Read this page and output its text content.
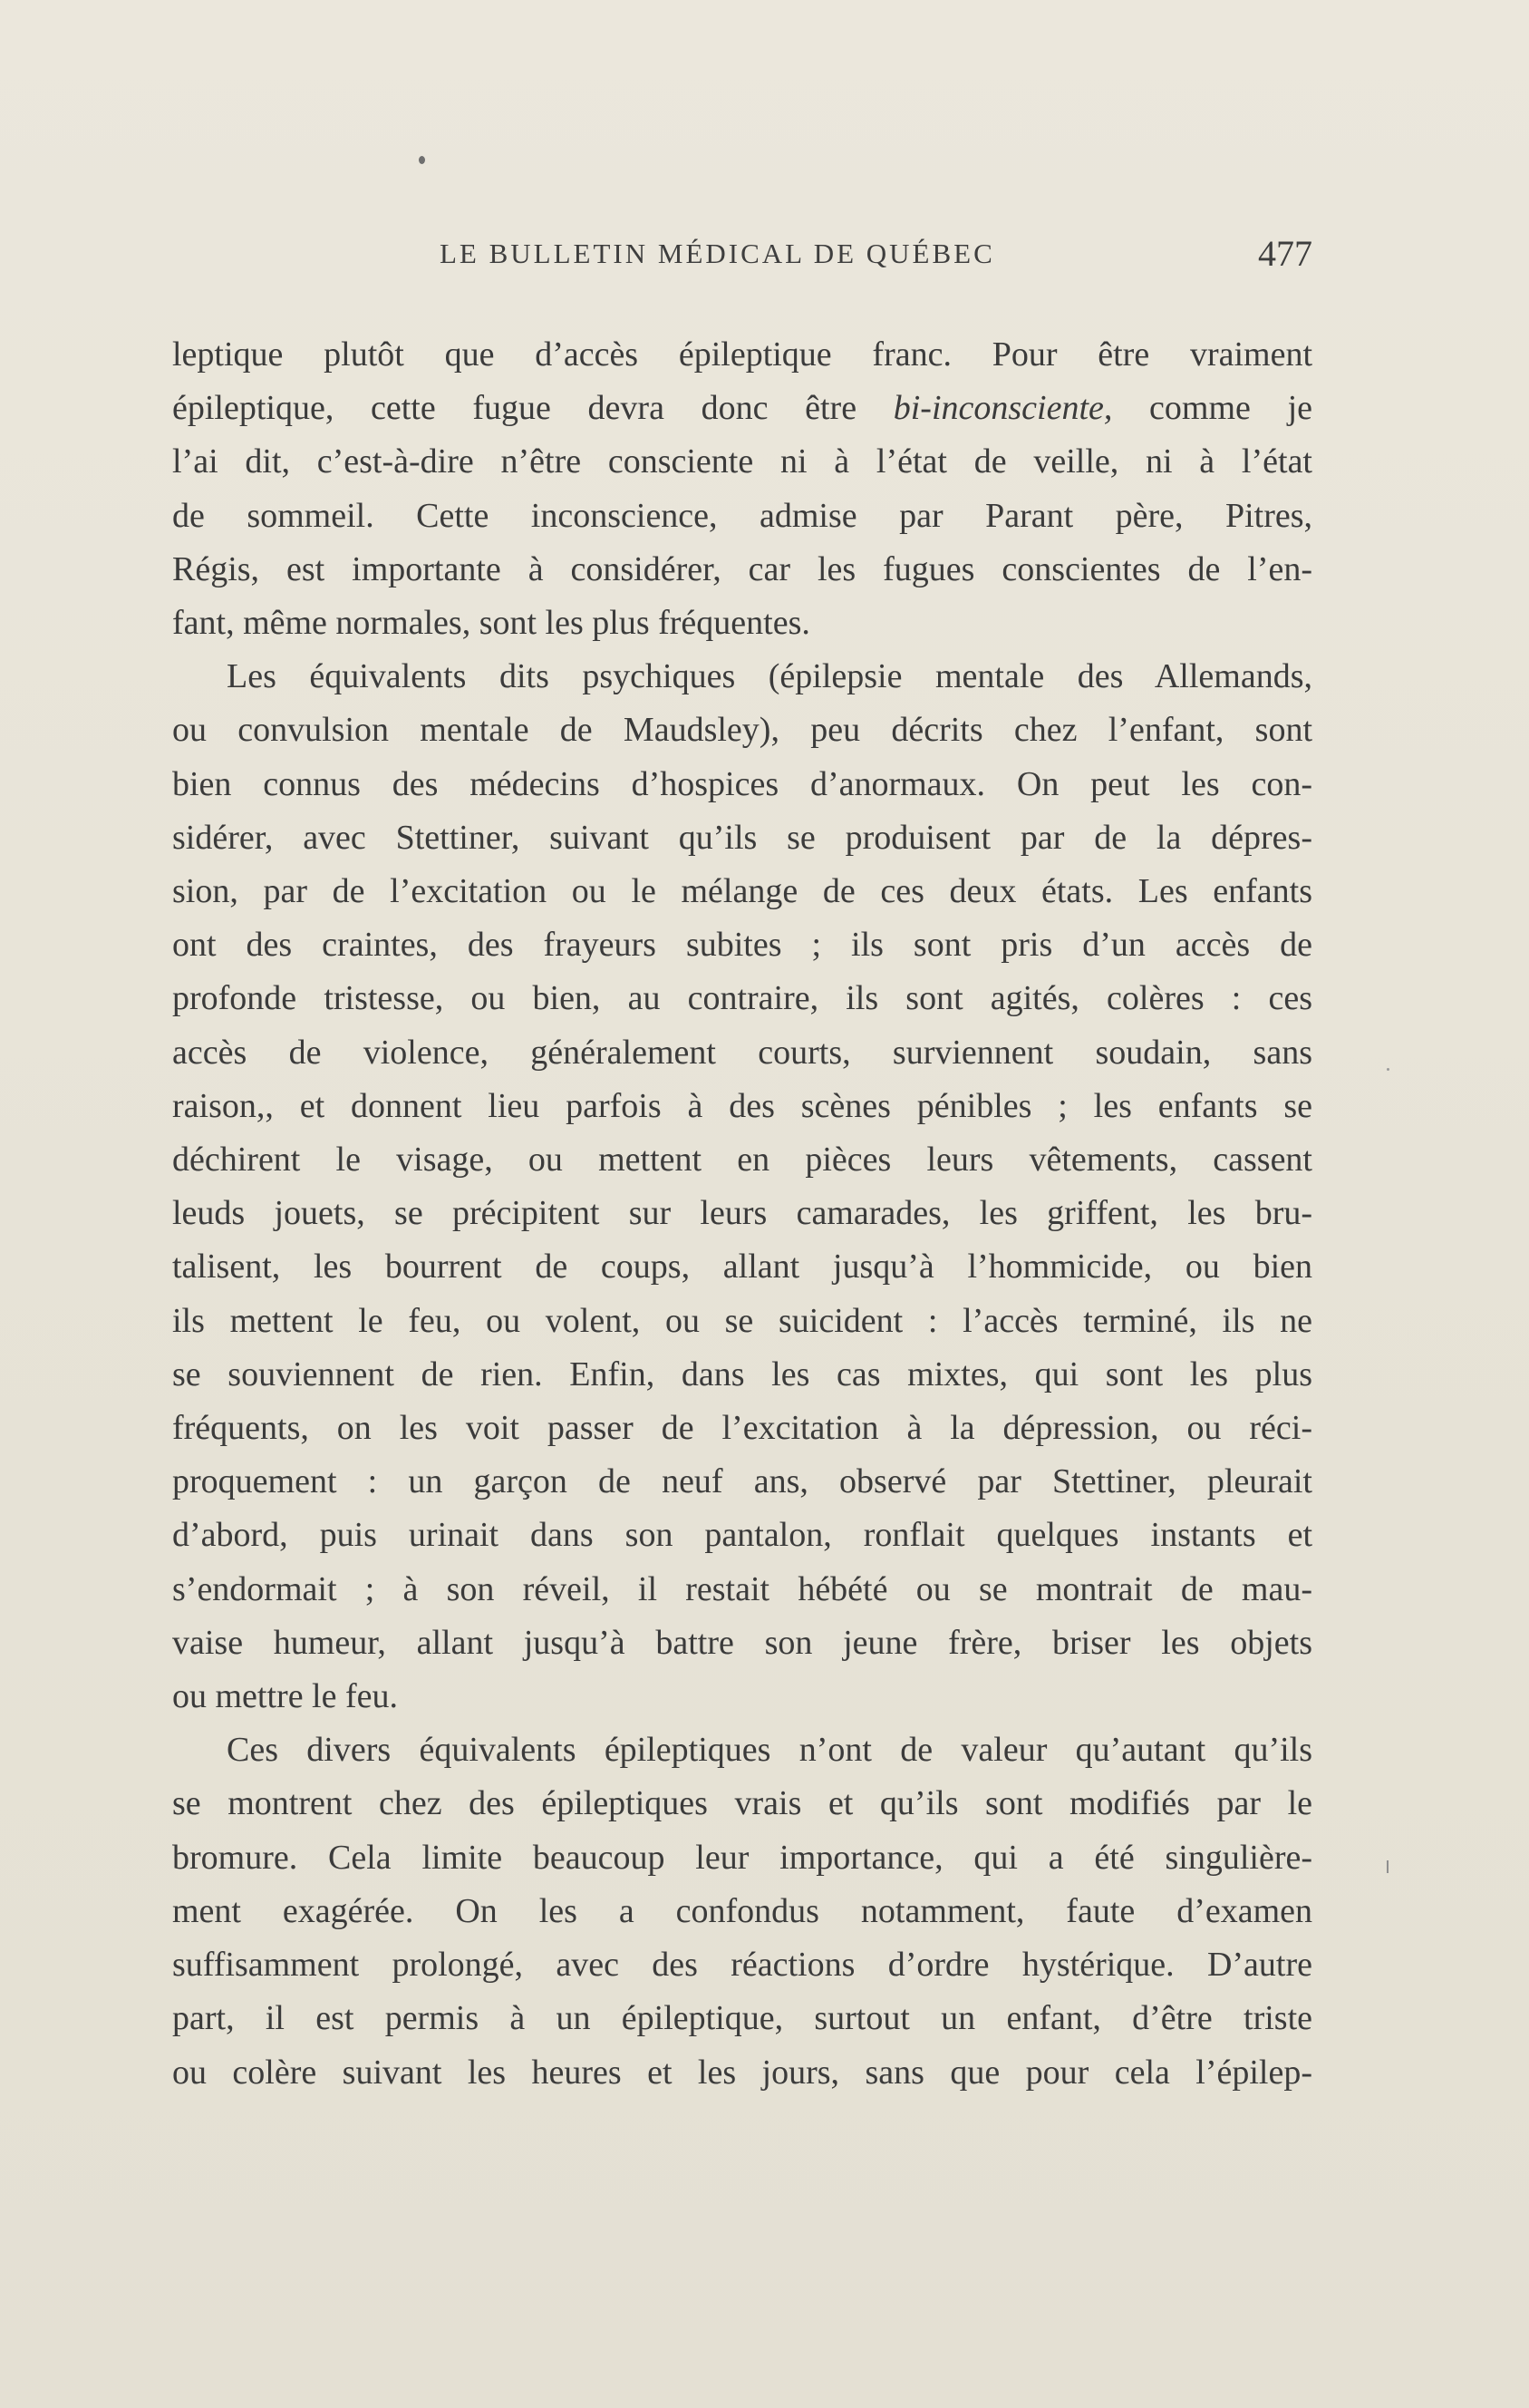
LE BULLETIN MÉDICAL DE QUÉBEC	477

leptique plutôt que d’accès épileptique franc. Pour être vraiment
épileptique, cette fugue devra donc être bi-inconsciente, comme je
l’ai dit, c’est-à-dire n’être consciente ni à l’état de veille, ni à l’état
de sommeil. Cette inconscience, admise par Parant père, Pitres,
Régis, est importante à considérer, car les fugues conscientes de l’en-
fant, même normales, sont les plus fréquentes.

Les équivalents dits psychiques (épilepsie mentale des Allemands,
ou convulsion mentale de Maudsley), peu décrits chez l’enfant, sont
bien connus des médecins d’hospices d’anormaux. On peut les con-
sidérer, avec Stettiner, suivant qu’ils se produisent par de la dépres-
sion, par de l’excitation ou le mélange de ces deux états. Les enfants
ont des craintes, des frayeurs subites ; ils sont pris d’un accès de
profonde tristesse, ou bien, au contraire, ils sont agités, colères : ces
accès de violence, généralement courts, surviennent soudain, sans
raison,, et donnent lieu parfois à des scènes pénibles ; les enfants se
déchirent le visage, ou mettent en pièces leurs vêtements, cassent
leuds jouets, se précipitent sur leurs camarades, les griffent, les bru-
talisent, les bourrent de coups, allant jusqu’à l’hommicide, ou bien
ils mettent le feu, ou volent, ou se suicident : l’accès terminé, ils ne
se souviennent de rien. Enfin, dans les cas mixtes, qui sont les plus
fréquents, on les voit passer de l’excitation à la dépression, ou réci-
proquement : un garçon de neuf ans, observé par Stettiner, pleurait
d’abord, puis urinait dans son pantalon, ronflait quelques instants et
s’endormait ; à son réveil, il restait hébété ou se montrait de mau-
vaise humeur, allant jusqu’à battre son jeune frère, briser les objets
ou mettre le feu.

Ces divers équivalents épileptiques n’ont de valeur qu’autant qu’ils
se montrent chez des épileptiques vrais et qu’ils sont modifiés par le
bromure. Cela limite beaucoup leur importance, qui a été singulière-
ment exagérée. On les a confondus notamment, faute d’examen
suffisamment prolongé, avec des réactions d’ordre hystérique. D’autre
part, il est permis à un épileptique, surtout un enfant, d’être triste
ou colère suivant les heures et les jours, sans que pour cela l’épilep-
